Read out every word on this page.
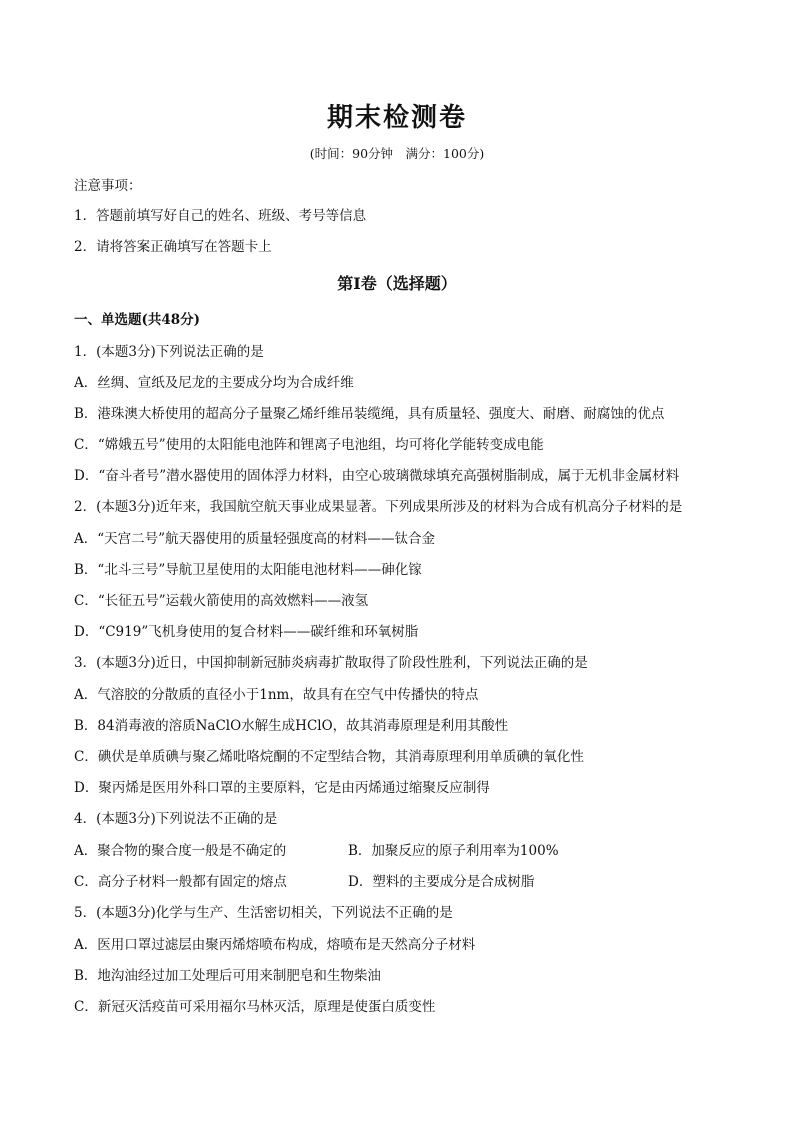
期末检测卷
(时间：90分钟　满分：100分)
注意事项：
1．答题前填写好自己的姓名、班级、考号等信息
2．请将答案正确填写在答题卡上
第Ⅰ卷（选择题）
一、单选题(共48分)
1．(本题3分)下列说法正确的是
A．丝绸、宣纸及尼龙的主要成分均为合成纤维
B．港珠澳大桥使用的超高分子量聚乙烯纤维吊装缆绳，具有质量轻、强度大、耐磨、耐腐蚀的优点
C．“嫦娥五号”使用的太阳能电池阵和锂离子电池组，均可将化学能转变成电能
D．“奋斗者号”潜水器使用的固体浮力材料，由空心玻璃微球填充高强树脂制成，属于无机非金属材料
2．(本题3分)近年来，我国航空航天事业成果显著。下列成果所涉及的材料为合成有机高分子材料的是
A．“天宫二号”航天器使用的质量轻强度高的材料——钛合金
B．“北斗三号”导航卫星使用的太阳能电池材料——砷化镓
C．“长征五号”运载火箭使用的高效燃料——液氢
D．“C919”飞机身使用的复合材料——碳纤维和环氧树脂
3．(本题3分)近日，中国抑制新冠肺炎病毒扩散取得了阶段性胜利，下列说法正确的是
A．气溶胶的分散质的直径小于1nm，故具有在空气中传播快的特点
B．84消毒液的溶质NaClO水解生成HClO，故其消毒原理是利用其酸性
C．碘伏是单质碘与聚乙烯吡咯烷酮的不定型结合物，其消毒原理利用单质碘的氧化性
D．聚丙烯是医用外科口罩的主要原料，它是由丙烯通过缩聚反应制得
4．(本题3分)下列说法不正确的是
A．聚合物的聚合度一般是不确定的	B．加聚反应的原子利用率为100%
C．高分子材料一般都有固定的熔点	D．塑料的主要成分是合成树脂
5．(本题3分)化学与生产、生活密切相关，下列说法不正确的是
A．医用口罩过滤层由聚丙烯熔喷布构成，熔喷布是天然高分子材料
B．地沟油经过加工处理后可用来制肥皂和生物柴油
C．新冠灭活疫苗可采用福尔马林灭活，原理是使蛋白质变性
